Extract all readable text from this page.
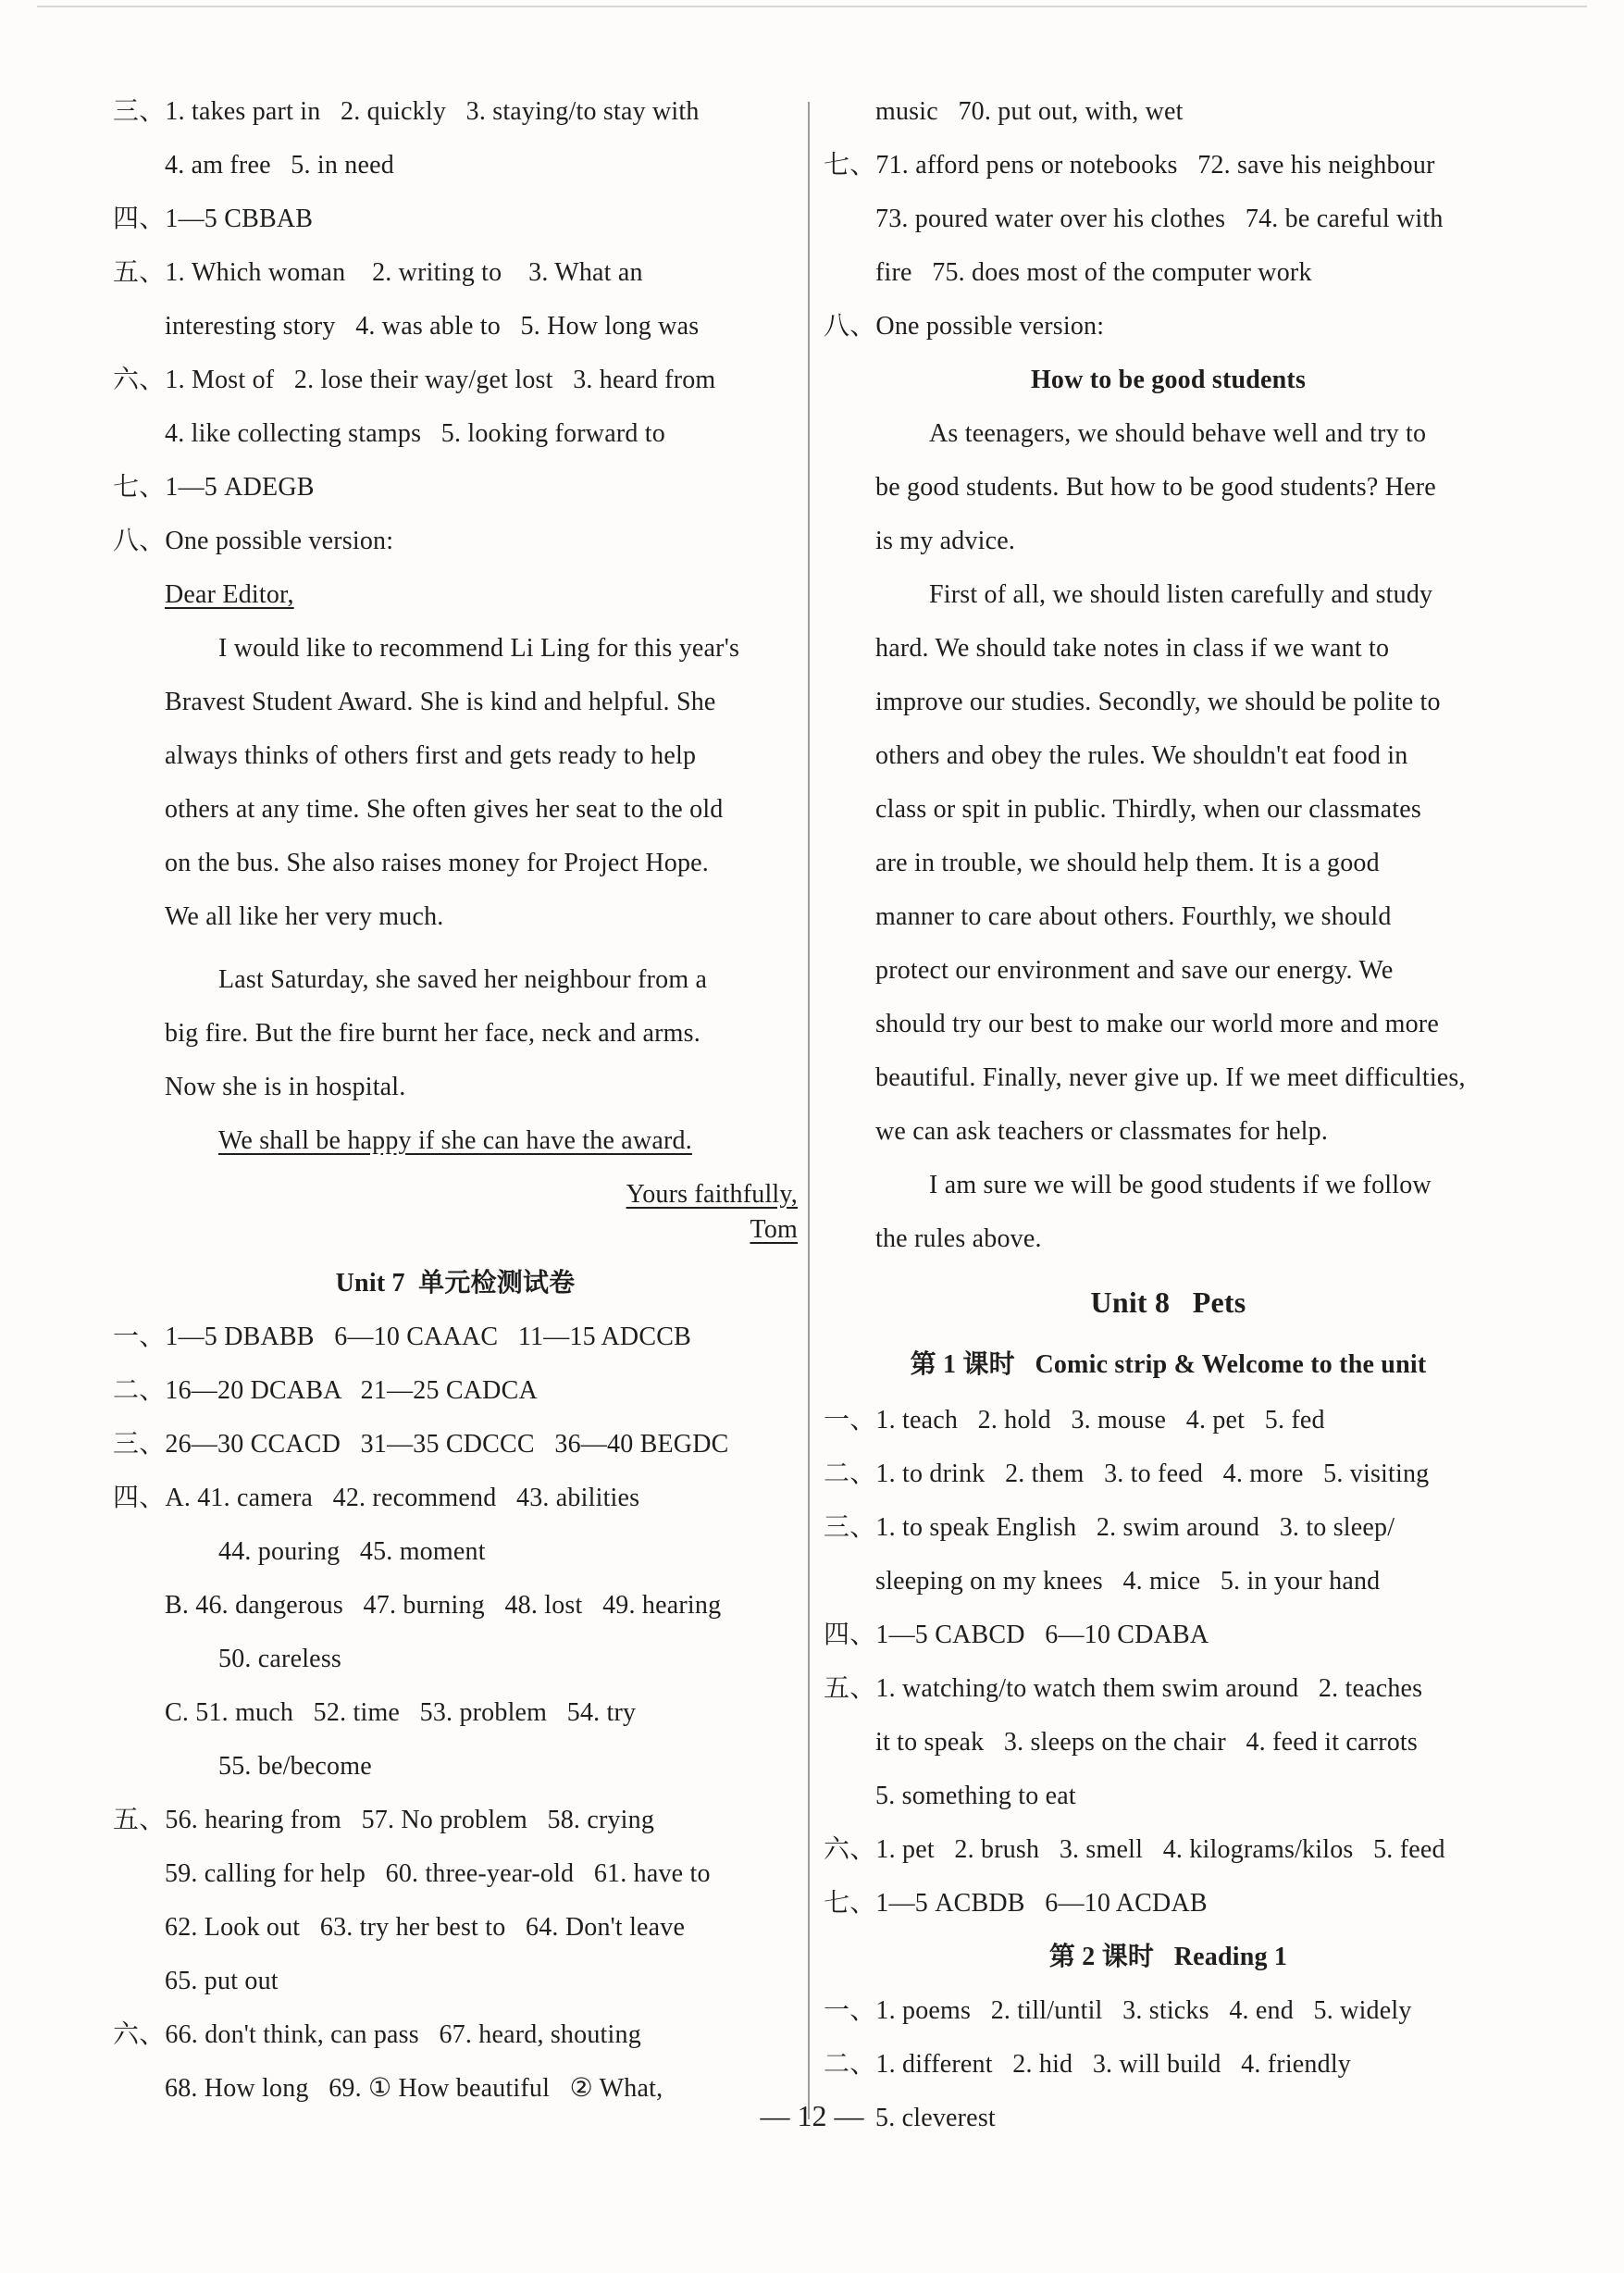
三、1. takes part in   2. quickly   3. staying/to stay with
4. am free   5. in need
四、1—5 CBBAB
五、1. Which woman    2. writing to    3. What an
interesting story   4. was able to   5. How long was
六、1. Most of   2. lose their way/get lost   3. heard from
4. like collecting stamps   5. looking forward to
七、1—5 ADEGB
八、One possible version:
Dear Editor,
I would like to recommend Li Ling for this year's
Bravest Student Award. She is kind and helpful. She
always thinks of others first and gets ready to help
others at any time. She often gives her seat to the old
on the bus. She also raises money for Project Hope.
We all like her very much.
Last Saturday, she saved her neighbour from a
big fire. But the fire burnt her face, neck and arms.
Now she is in hospital.
We shall be happy if she can have the award.
Yours faithfully,
Tom
Unit 7  单元检测试卷
一、1—5 DBABB   6—10 CAAAC   11—15 ADCCB
二、16—20 DCABA   21—25 CADCA
三、26—30 CCACD   31—35 CDCCC   36—40 BEGDC
四、A. 41. camera   42. recommend   43. abilities
44. pouring   45. moment
B. 46. dangerous   47. burning   48. lost   49. hearing
50. careless
C. 51. much   52. time   53. problem   54. try
55. be/become
五、56. hearing from   57. No problem   58. crying
59. calling for help   60. three-year-old   61. have to
62. Look out   63. try her best to   64. Don't leave
65. put out
六、66. don't think, can pass   67. heard, shouting
68. How long   69. ① How beautiful   ② What,
music   70. put out, with, wet
七、71. afford pens or notebooks   72. save his neighbour
73. poured water over his clothes   74. be careful with
fire   75. does most of the computer work
八、One possible version:
How to be good students
As teenagers, we should behave well and try to
be good students. But how to be good students? Here
is my advice.
First of all, we should listen carefully and study
hard. We should take notes in class if we want to
improve our studies. Secondly, we should be polite to
others and obey the rules. We shouldn't eat food in
class or spit in public. Thirdly, when our classmates
are in trouble, we should help them. It is a good
manner to care about others. Fourthly, we should
protect our environment and save our energy. We
should try our best to make our world more and more
beautiful. Finally, never give up. If we meet difficulties,
we can ask teachers or classmates for help.
I am sure we will be good students if we follow
the rules above.
Unit 8   Pets
第 1 课时   Comic strip & Welcome to the unit
一、1. teach   2. hold   3. mouse   4. pet   5. fed
二、1. to drink   2. them   3. to feed   4. more   5. visiting
三、1. to speak English   2. swim around   3. to sleep/
sleeping on my knees   4. mice   5. in your hand
四、1—5 CABCD   6—10 CDABA
五、1. watching/to watch them swim around   2. teaches
it to speak   3. sleeps on the chair   4. feed it carrots
5. something to eat
六、1. pet   2. brush   3. smell   4. kilograms/kilos   5. feed
七、1—5 ACBDB   6—10 ACDAB
第 2 课时   Reading 1
一、1. poems   2. till/until   3. sticks   4. end   5. widely
二、1. different   2. hid   3. will build   4. friendly
5. cleverest
— 12 —
